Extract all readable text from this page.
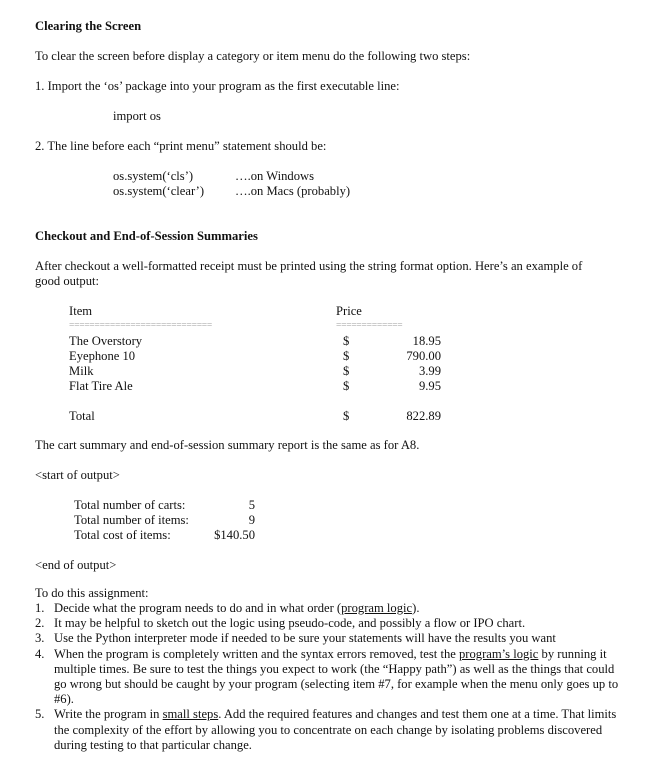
Clearing the Screen
To clear the screen before display a category or item menu do the following two steps:
1. Import the ‘os’ package into your program as the first executable line:
import os
2. The line before each “print menu” statement should be:
os.system(‘cls’)	….on Windows
os.system(‘clear’) ….on Macs (probably)
Checkout and End-of-Session Summaries
After checkout a well-formatted receipt must be printed using the string format option. Here’s an example of
good output:
Item	Price
============================	=============
The Overstory	$	18.95
Eyephone 10	$	790.00
Milk	$	3.99
Flat Tire Ale	$	9.95
Total	$	822.89
The cart summary and end-of-session summary report is the same as for A8.
<start of output>
Total number of carts:	5
Total number of items:	9
Total cost of items:	$140.50
<end of output>
To do this assignment:
1. Decide what the program needs to do and in what order (program logic).
2. It may be helpful to sketch out the logic using pseudo-code, and possibly a flow or IPO chart.
3. Use the Python interpreter mode if needed to be sure your statements will have the results you want
4. When the program is completely written and the syntax errors removed, test the program’s logic by running it multiple times. Be sure to test the things you expect to work (the “Happy path”) as well as the things that could go wrong but should be caught by your program (selecting item #7, for example when the menu only goes up to #6).
5. Write the program in small steps. Add the required features and changes and test them one at a time. That limits the complexity of the effort by allowing you to concentrate on each change by isolating problems discovered during testing to that particular change.
